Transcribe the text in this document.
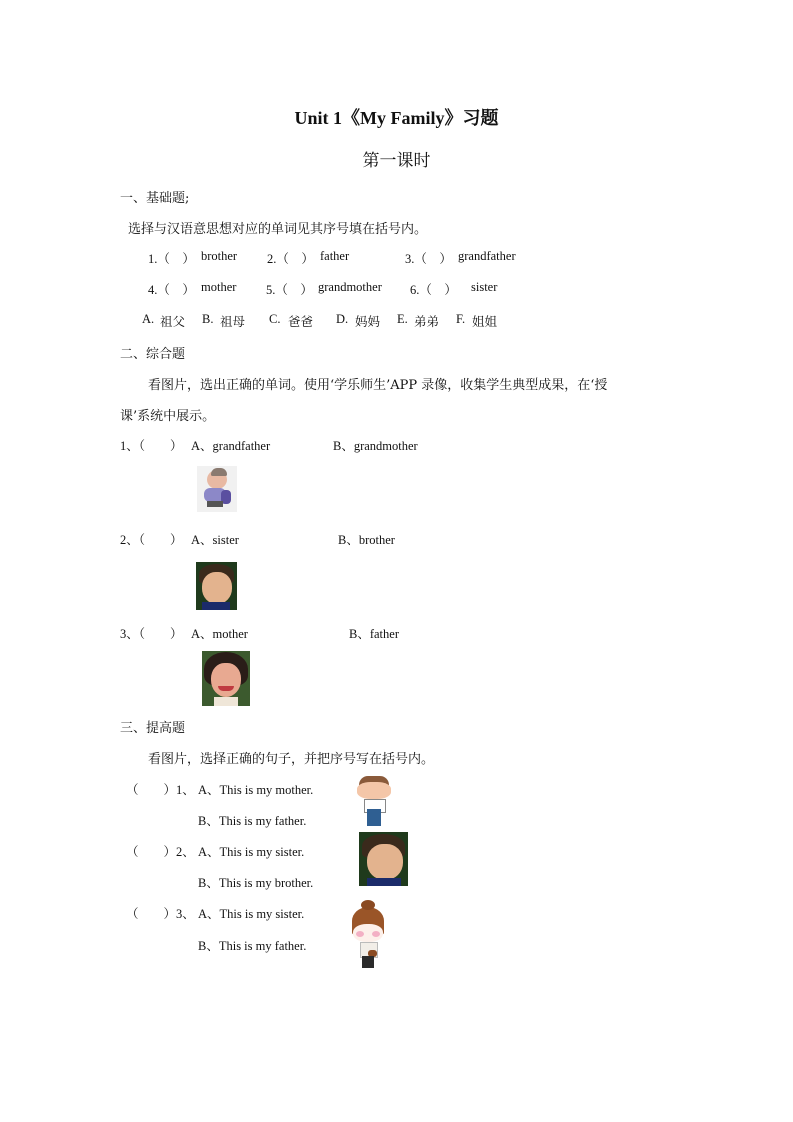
Unit 1《My Family》习题
第一课时
一、基础题;
选择与汉语意思想对应的单词见其序号填在括号内。
1.（　） brother 2.（　） father	3.（　） grandfather
4.（　） mother 5.（　） grandmother 6.（　） sister
A. 祖父 B. 祖母 C. 爸爸 D. 妈妈 E. 弟弟 F. 姐姐
二、综合题
看图片，选出正确的单词。使用‘学乐师生’APP 录像，收集学生典型成果，在‘授
课’系统中展示。
1、（　　） A、grandfather	B、grandmother
2、（　　） A、sister	B、brother
3、（　　） A、mother	B、father
三、提高题
看图片，选择正确的句子，并把序号写在括号内。
（　　）1、 A、This is my mother.
B、This is my father.
（　　）2、 A、This is my sister.
B、This is my brother.
（　　）3、 A、This is my sister.
B、This is my father.
